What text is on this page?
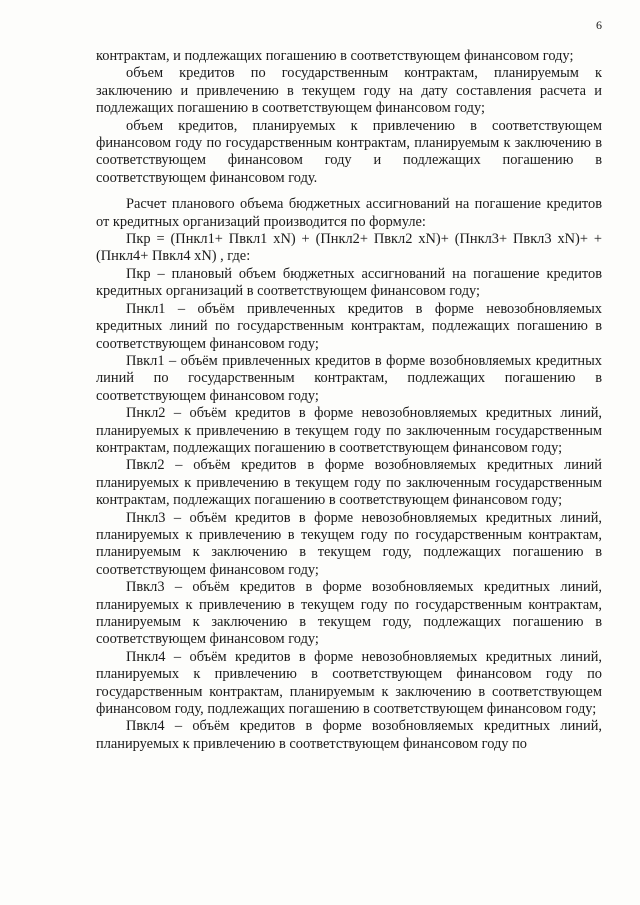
6

контрактам, и подлежащих погашению в соответствующем финансовом году;

объем кредитов по государственным контрактам, планируемым к заключению и привлечению в текущем году на дату составления расчета и подлежащих погашению в соответствующем финансовом году;

объем кредитов, планируемых к привлечению в соответствующем финансовом году по государственным контрактам, планируемым к заключению в соответствующем финансовом году и подлежащих погашению в соответствующем финансовом году.

Расчет планового объема бюджетных ассигнований на погашение кредитов от кредитных организаций производится по формуле:

Пкр = (Пнкл1+ Пвкл1 хN) + (Пнкл2+ Пвкл2 хN)+ (Пнкл3+ Пвкл3 хN)+ +(Пнкл4+ Пвкл4 хN) , где:

Пкр – плановый объем бюджетных ассигнований на погашение кредитов кредитных организаций в соответствующем финансовом году;

Пнкл1 – объём привлеченных кредитов в форме невозобновляемых кредитных линий по государственным контрактам, подлежащих погашению в соответствующем финансовом году;

Пвкл1 – объём привлеченных кредитов в форме возобновляемых кредитных линий по государственным контрактам, подлежащих погашению в соответствующем финансовом году;

Пнкл2 – объём кредитов в форме невозобновляемых кредитных линий, планируемых к привлечению в текущем году по заключенным государственным контрактам, подлежащих погашению в соответствующем финансовом году;

Пвкл2 – объём кредитов в форме возобновляемых кредитных линий планируемых к привлечению в текущем году по заключенным государственным контрактам, подлежащих погашению в соответствующем финансовом году;

Пнкл3 – объём кредитов в форме невозобновляемых кредитных линий, планируемых к привлечению в текущем году по государственным контрактам, планируемым к заключению в текущем году, подлежащих погашению в соответствующем финансовом году;

Пвкл3 – объём кредитов в форме возобновляемых кредитных линий, планируемых к привлечению в текущем году по государственным контрактам, планируемым к заключению в текущем году, подлежащих погашению в соответствующем финансовом году;

Пнкл4 – объём кредитов в форме невозобновляемых кредитных линий, планируемых к привлечению в соответствующем финансовом году по государственным контрактам, планируемым к заключению в соответствующем финансовом году, подлежащих погашению в соответствующем финансовом году;

Пвкл4 – объём кредитов в форме возобновляемых кредитных линий, планируемых к привлечению в соответствующем финансовом году по
